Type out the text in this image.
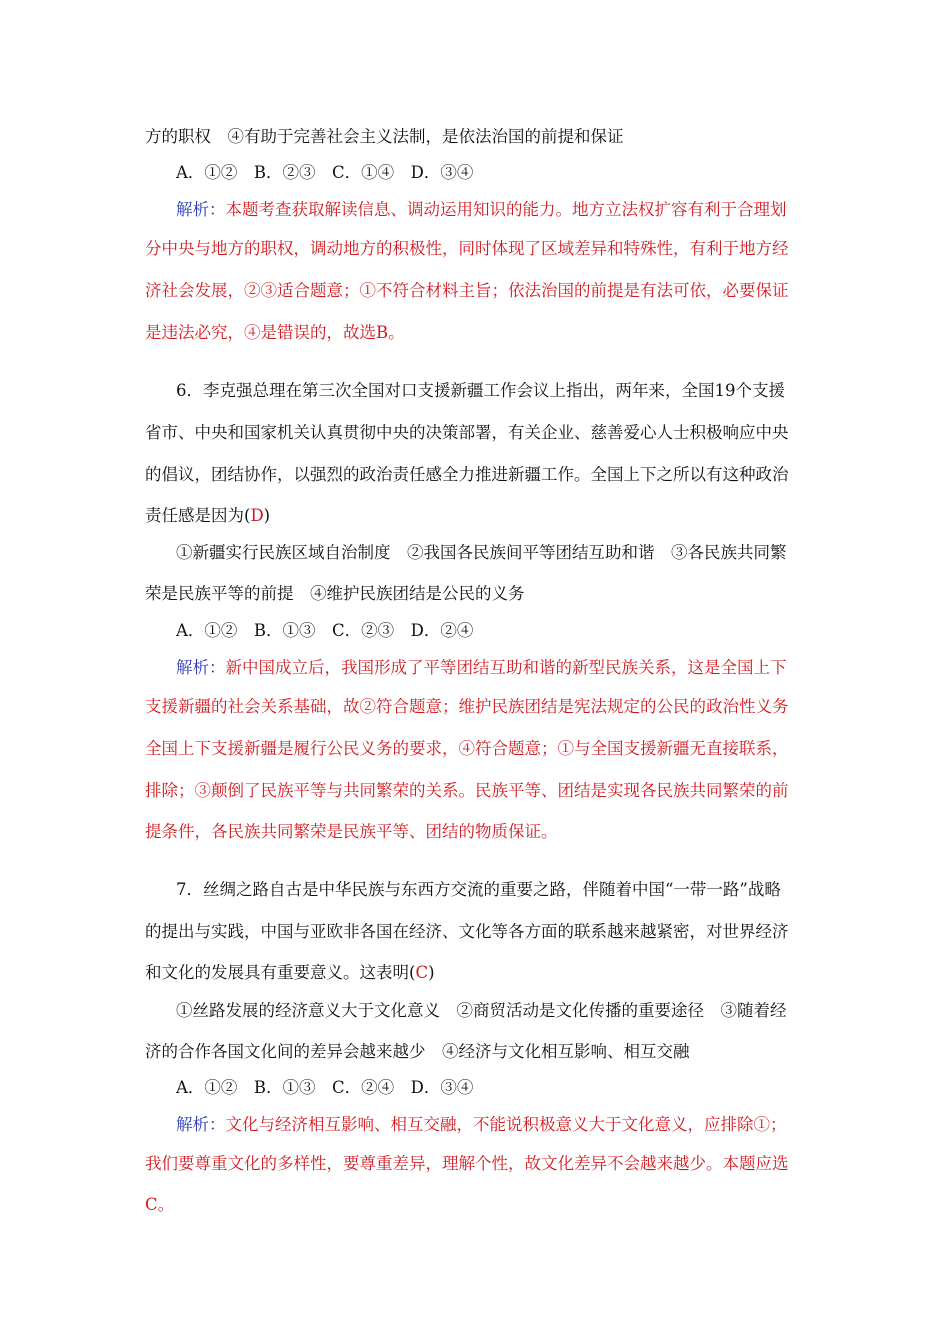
方的职权　④有助于完善社会主义法制，是依法治国的前提和保证
A．①②　B．②③　C．①④　D．③④
解析：本题考查获取解读信息、调动运用知识的能力。地方立法权扩容有利于合理划
分中央与地方的职权，调动地方的积极性，同时体现了区域差异和特殊性，有利于地方经
济社会发展，②③适合题意；①不符合材料主旨；依法治国的前提是有法可依，必要保证
是违法必究，④是错误的，故选B。
6．李克强总理在第三次全国对口支援新疆工作会议上指出，两年来，全国19个支援
省市、中央和国家机关认真贯彻中央的决策部署，有关企业、慈善爱心人士积极响应中央
的倡议，团结协作，以强烈的政治责任感全力推进新疆工作。全国上下之所以有这种政治
责任感是因为(D)
①新疆实行民族区域自治制度　②我国各民族间平等团结互助和谐　③各民族共同繁
荣是民族平等的前提　④维护民族团结是公民的义务
A．①②　B．①③　C．②③　D．②④
解析：新中国成立后，我国形成了平等团结互助和谐的新型民族关系，这是全国上下
支援新疆的社会关系基础，故②符合题意；维护民族团结是宪法规定的公民的政治性义务
全国上下支援新疆是履行公民义务的要求，④符合题意；①与全国支援新疆无直接联系，
排除；③颠倒了民族平等与共同繁荣的关系。民族平等、团结是实现各民族共同繁荣的前
提条件，各民族共同繁荣是民族平等、团结的物质保证。
7．丝绸之路自古是中华民族与东西方交流的重要之路，伴随着中国“一带一路”战略
的提出与实践，中国与亚欧非各国在经济、文化等各方面的联系越来越紧密，对世界经济
和文化的发展具有重要意义。这表明(C)
①丝路发展的经济意义大于文化意义　②商贸活动是文化传播的重要途径　③随着经
济的合作各国文化间的差异会越来越少　④经济与文化相互影响、相互交融
A．①②　B．①③　C．②④　D．③④
解析：文化与经济相互影响、相互交融，不能说积极意义大于文化意义，应排除①；
我们要尊重文化的多样性，要尊重差异，理解个性，故文化差异不会越来越少。本题应选
C。
